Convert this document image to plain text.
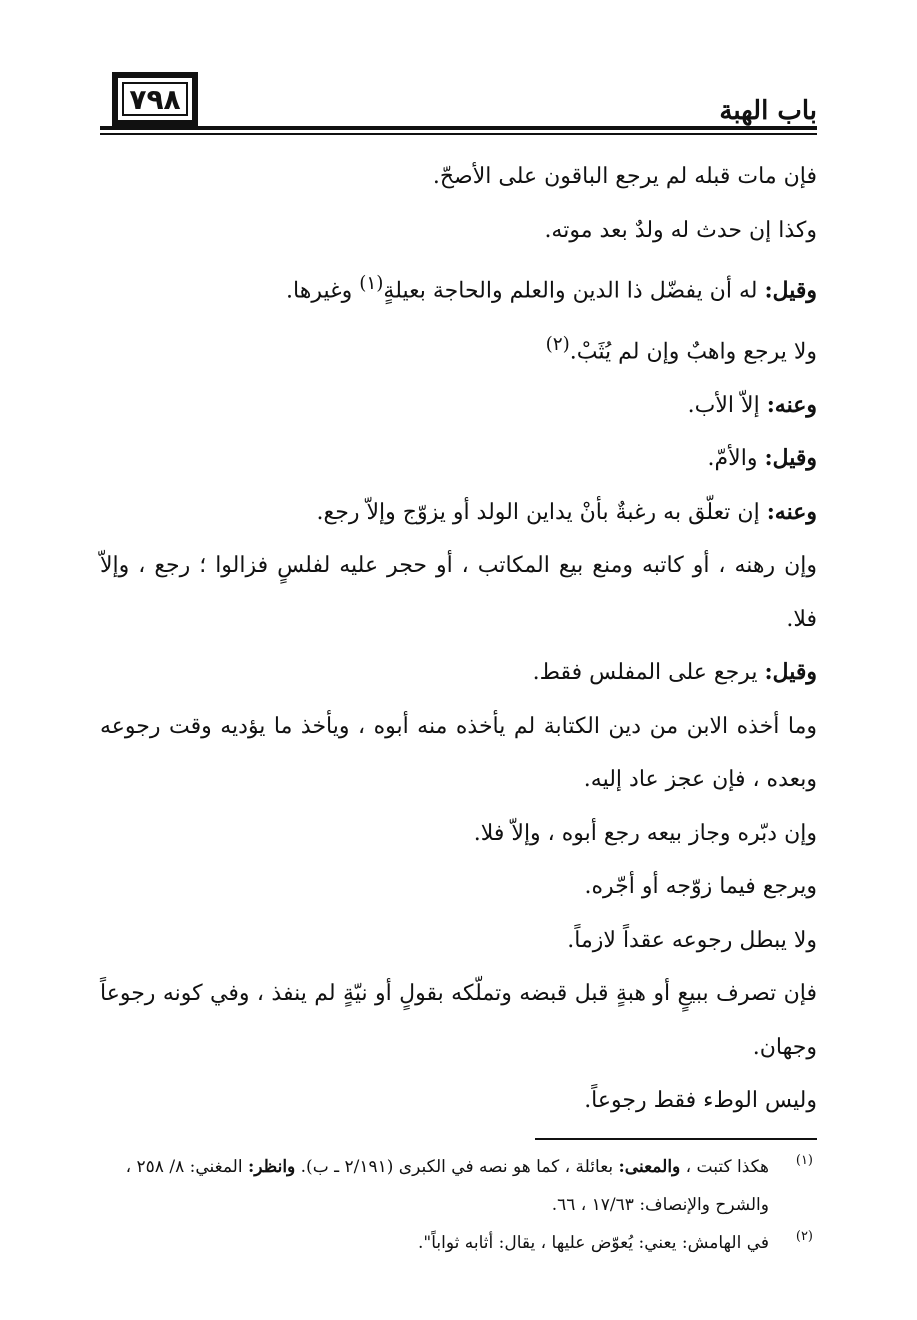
٧٩٨	باب الهبة

فإن مات قبله لم يرجع الباقون على الأصحّ.

وكذا إن حدث له ولدٌ بعد موته.

وقيل: له أن يفضّل ذا الدين والعلم والحاجة بعيلةٍ$^{(١)}$ وغيرها.

ولا يرجع واهبٌ وإن لم يُثَبْ.$^{(٢)}$

وعنه: إلاّ الأب.

وقيل: والأمّ.

وعنه: إن تعلّق به رغبةٌ بأنْ يداين الولد أو يزوّج وإلاّ رجع.

وإن رهنه ، أو كاتبه ومنع بيع المكاتب ، أو حجر عليه لفلسٍ فزالوا ؛ رجع ، وإلاّ فلا.

وقيل: يرجع على المفلس فقط.

وما أخذه الابن من دين الكتابة لم يأخذه منه أبوه ، ويأخذ ما يؤديه وقت رجوعه وبعده ، فإن عجز عاد إليه.

وإن دبّره وجاز بيعه رجع أبوه ، وإلاّ فلا.

ويرجع فيما زوّجه أو أجّره.

ولا يبطل رجوعه عقداً لازماً.

فإن تصرف ببيعٍ أو هبةٍ قبل قبضه وتملّكه بقولٍ أو نيّةٍ لم ينفذ ، وفي كونه رجوعاً وجهان.

وليس الوطء فقط رجوعاً.

(١)
هكذا كتبت ، والمعنى: بعائلة ، كما هو نصه في الكبرى (٢/١٩١ ـ ب). وانظر: المغني: ٨/ ٢٥٨ ، والشرح والإنصاف: ١٧/٦٣ ، ٦٦.
(٢)
في الهامش: يعني: يُعوّض عليها ، يقال: أثابه ثواباً".
